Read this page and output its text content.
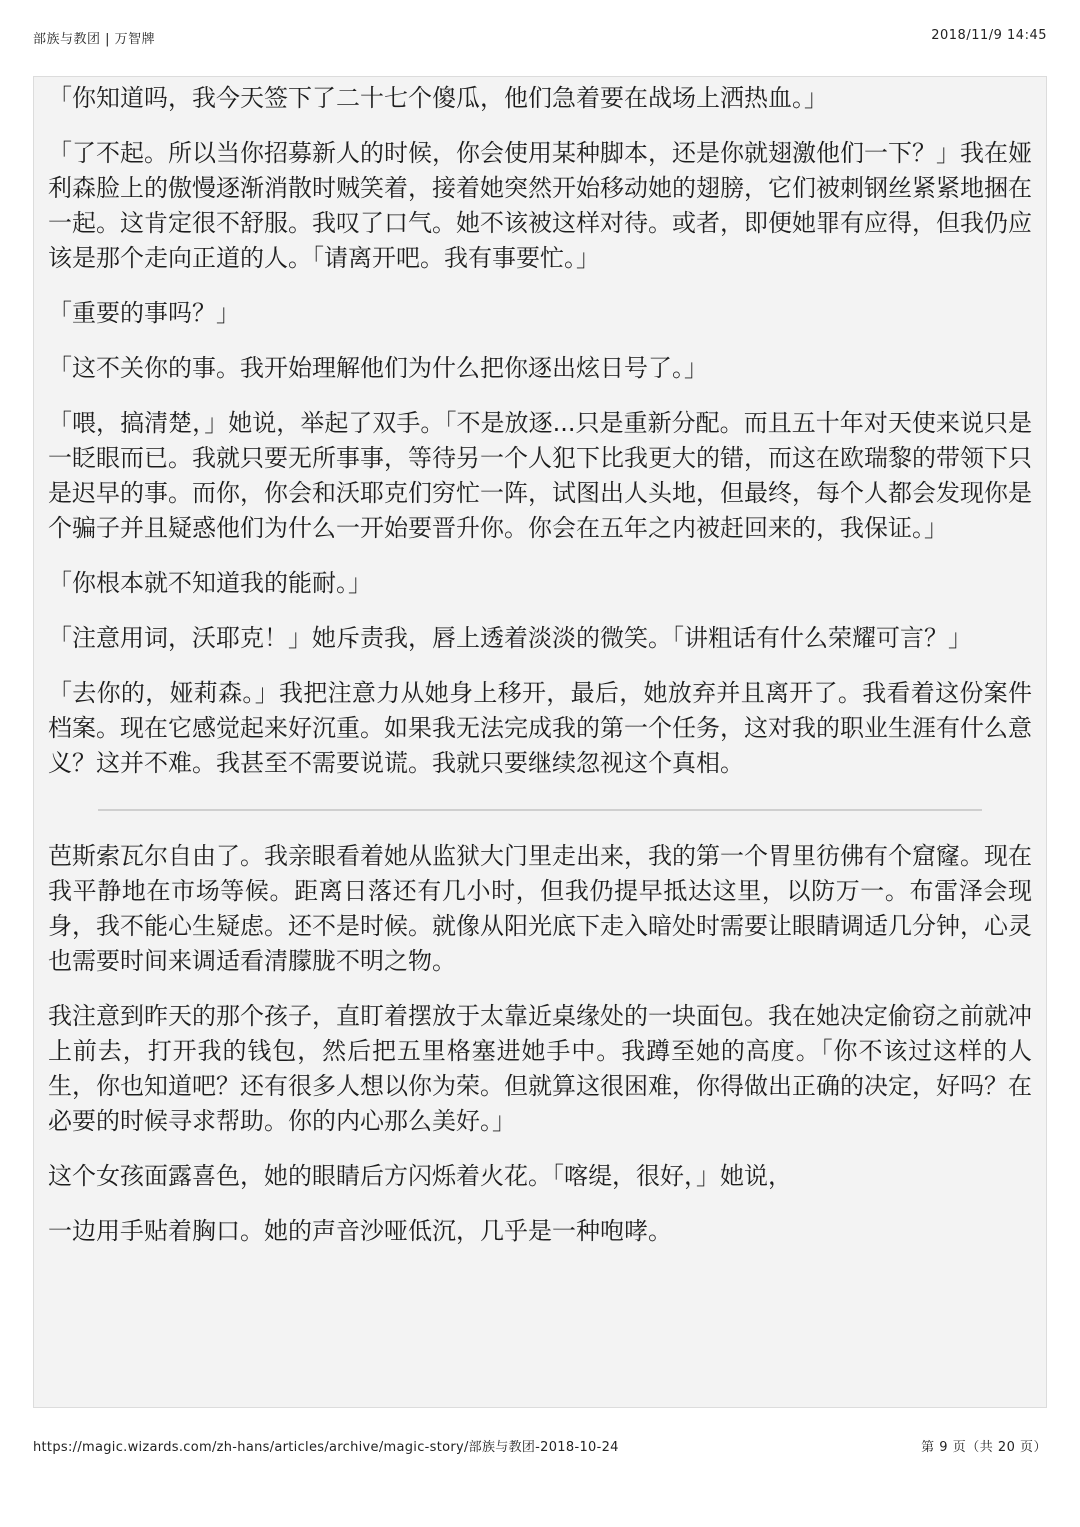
部族与教团 | 万智牌	2018/11/9 14:45

「你知道吗，我今天签下了二十七个傻瓜，他们急着要在战场上洒热血。」

「了不起。所以当你招募新人的时候，你会使用某种脚本，还是你就翅激他们一下？」我在娅利森脸上的傲慢逐渐消散时贼笑着，接着她突然开始移动她的翅膀，它们被刺钢丝紧紧地捆在一起。这肯定很不舒服。我叹了口气。她不该被这样对待。或者，即便她罪有应得，但我仍应该是那个走向正道的人。「请离开吧。我有事要忙。」

「重要的事吗？」

「这不关你的事。我开始理解他们为什么把你逐出炫日号了。」

「喂，搞清楚，」她说，举起了双手。「不是放逐...只是重新分配。而且五十年对天使来说只是一眨眼而已。我就只要无所事事，等待另一个人犯下比我更大的错，而这在欧瑞黎的带领下只是迟早的事。而你，你会和沃耶克们穷忙一阵，试图出人头地，但最终，每个人都会发现你是个骗子并且疑惑他们为什么一开始要晋升你。你会在五年之内被赶回来的，我保证。」

「你根本就不知道我的能耐。」

「注意用词，沃耶克！」她斥责我，唇上透着淡淡的微笑。「讲粗话有什么荣耀可言？」

「去你的，娅莉森。」我把注意力从她身上移开，最后，她放弃并且离开了。我看着这份案件档案。现在它感觉起来好沉重。如果我无法完成我的第一个任务，这对我的职业生涯有什么意义？这并不难。我甚至不需要说谎。我就只要继续忽视这个真相。

芭斯索瓦尔自由了。我亲眼看着她从监狱大门里走出来，我的第一个胃里彷佛有个窟窿。现在我平静地在市场等候。距离日落还有几小时，但我仍提早抵达这里，以防万一。布雷泽会现身，我不能心生疑虑。还不是时候。就像从阳光底下走入暗处时需要让眼睛调适几分钟，心灵也需要时间来调适看清朦胧不明之物。

我注意到昨天的那个孩子，直盯着摆放于太靠近桌缘处的一块面包。我在她决定偷窃之前就冲上前去，打开我的钱包，然后把五里格塞进她手中。我蹲至她的高度。「你不该过这样的人生，你也知道吧？还有很多人想以你为荣。但就算这很困难，你得做出正确的决定，好吗？在必要的时候寻求帮助。你的内心那么美好。」

这个女孩面露喜色，她的眼睛后方闪烁着火花。「喀缇，很好，」她说，

一边用手贴着胸口。她的声音沙哑低沉，几乎是一种咆哮。

https://magic.wizards.com/zh-hans/articles/archive/magic-story/部族与教团-2018-10-24	第 9 页（共 20 页）
